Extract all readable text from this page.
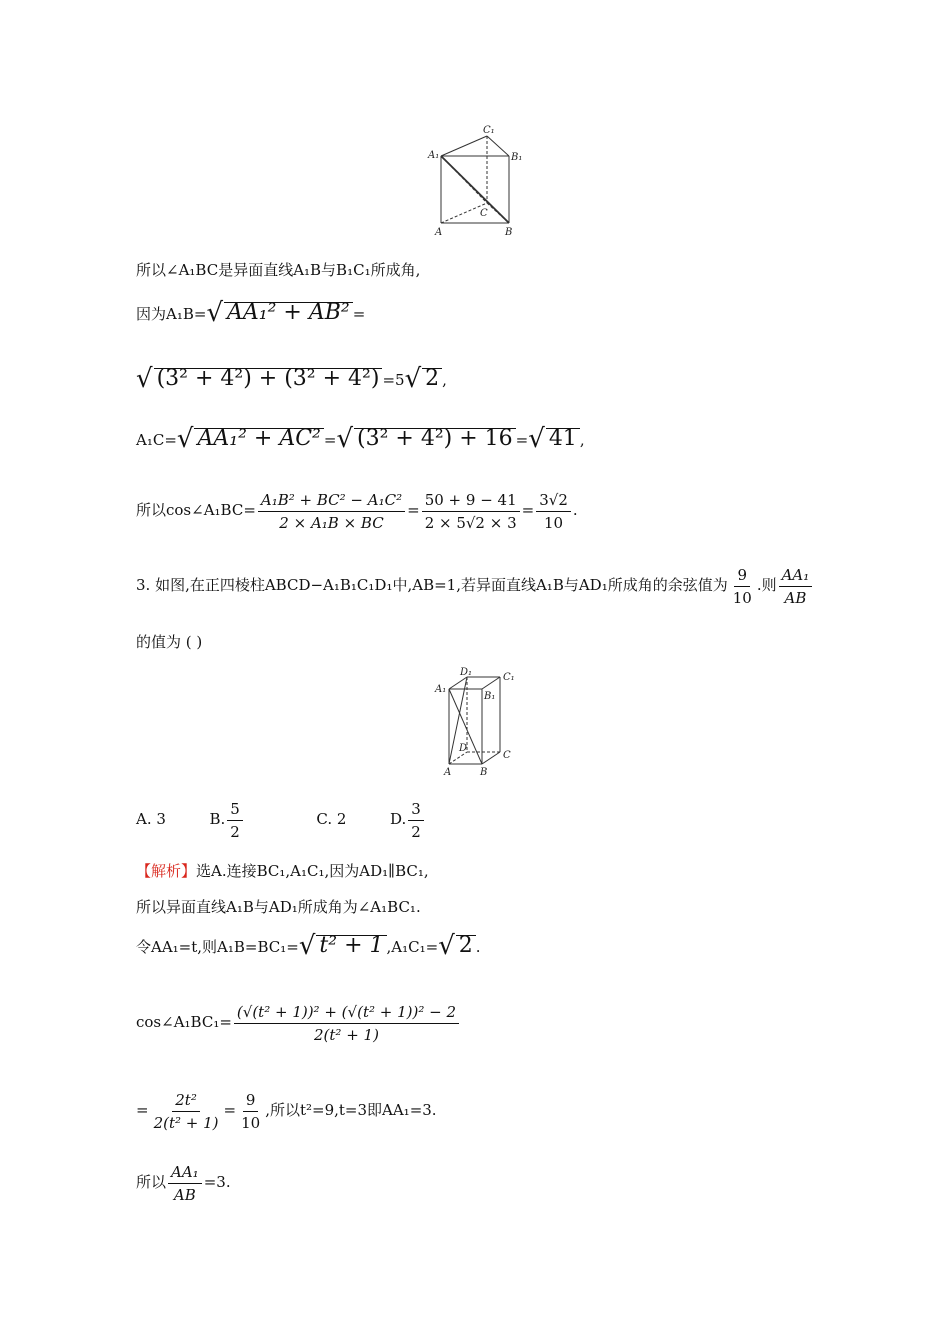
C₁
A₁	B₁
C
A	B
所以∠A₁BC是异面直线A₁B与B₁C₁所成角,
因为A₁B=√ AA₁² + AB² =
√ (3² + 4²) + (3² + 4²) =5√ 2 ,
A₁C=√ AA₁² + AC² =√ (3² + 4²) + 16 =√ 41 ,
所以cos∠A₁BC= $\frac{\text{A₁B² + BC² − A₁C²}}{\text{2 × A₁B × BC}} = \frac{50 + 9 - 41}{2 \times 5√2 \times 3} = \frac{3√2}{10}$ .
3. 如图,在正四棱柱ABCD−A₁B₁C₁D₁中,AB=1,若异面直线A₁B与AD₁所成角的余弦值为 $\frac{9}{10}$ .则 $\frac{\text{AA₁}}{AB}$
的值为 ( )
D₁	C₁
A₁
B₁
D
C
A	B
A. 3	B. $\frac{5}{2}$	C. 2	D. $\frac{3}{2}$
【解析】选A.连接BC₁,A₁C₁,因为AD₁∥BC₁,
所以异面直线A₁B与AD₁所成角为∠A₁BC₁.
令AA₁=t,则A₁B=BC₁=√ t² + 1 ,A₁C₁=√ 2 .
cos∠A₁BC₁= $\frac{\text{(√(t² + 1))² + (√(t² + 1))² − 2}}{\text{2(t² + 1)}}$
= $\frac{\text{2t²}}{\text{2(t² + 1)}} = \frac{9}{10}$ ,所以t²=9,t=3即AA₁=3.
所以 $\frac{\text{AA₁}}{AB} =3$.
